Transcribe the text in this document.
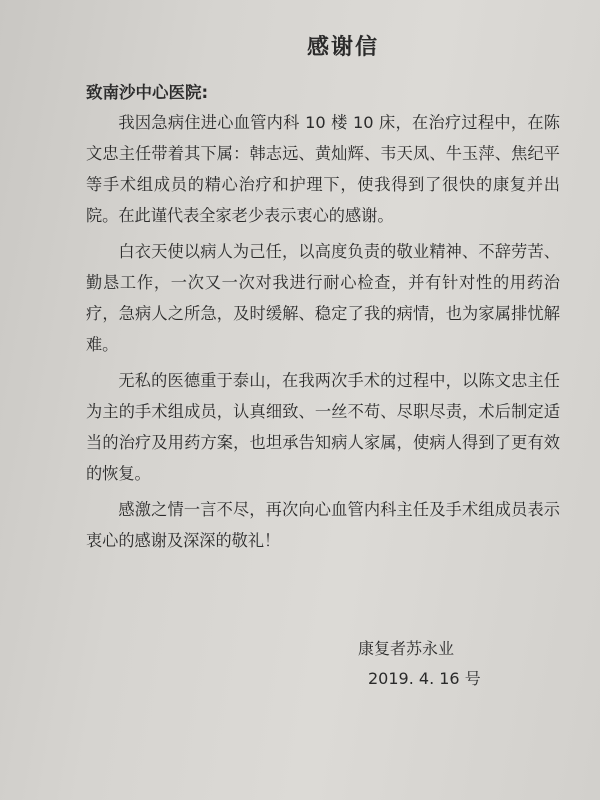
感谢信
致南沙中心医院:

我因急病住进心血管内科 10 楼 10 床，在治疗过程中，在陈文忠主任带着其下属：韩志远、黄灿辉、韦天凤、牛玉萍、焦纪平等手术组成员的精心治疗和护理下，使我得到了很快的康复并出院。在此谨代表全家老少表示衷心的感谢。

白衣天使以病人为己任，以高度负责的敬业精神、不辞劳苦、勤恳工作，一次又一次对我进行耐心检查，并有针对性的用药治疗，急病人之所急，及时缓解、稳定了我的病情，也为家属排忧解难。

无私的医德重于泰山，在我两次手术的过程中，以陈文忠主任为主的手术组成员，认真细致、一丝不苟、尽职尽责，术后制定适当的治疗及用药方案，也坦承告知病人家属，使病人得到了更有效的恢复。

感激之情一言不尽，再次向心血管内科主任及手术组成员表示衷心的感谢及深深的敬礼！

康复者苏永业
2019. 4. 16 号
